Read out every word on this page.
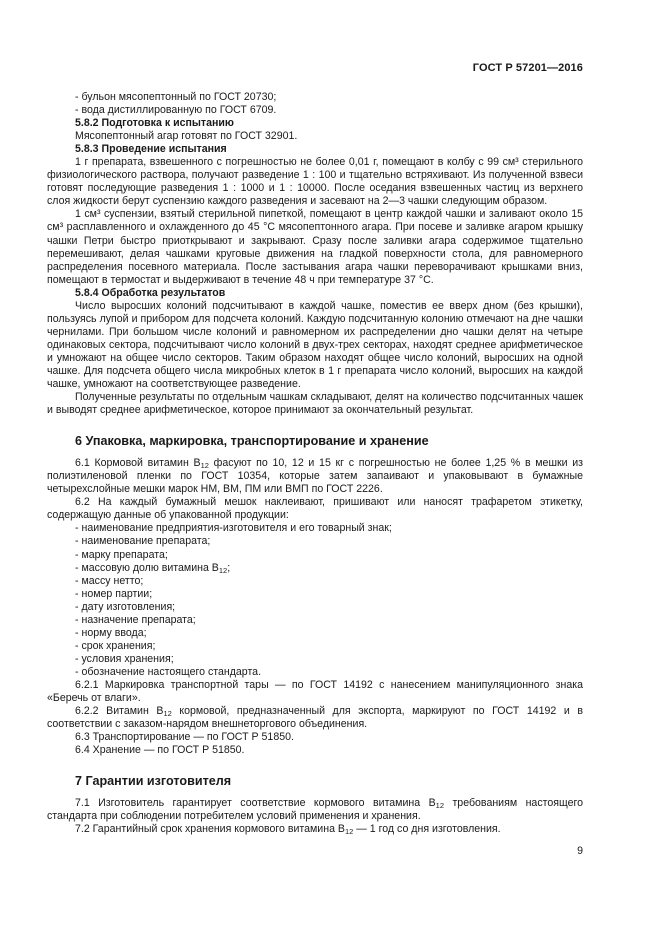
ГОСТ Р 57201—2016

- бульон мясопептонный по ГОСТ 20730;

- вода дистиллированную по ГОСТ 6709.

5.8.2 Подготовка к испытанию

Мясопептонный агар готовят по ГОСТ 32901.

5.8.3 Проведение испытания

1 г препарата, взвешенного с погрешностью не более 0,01 г, помещают в колбу с 99 см³ стерильного физиологического раствора, получают разведение 1 : 100 и тщательно встряхивают. Из полученной взвеси готовят последующие разведения 1 : 1000 и 1 : 10000. После оседания взвешенных частиц из верхнего слоя жидкости берут суспензию каждого разведения и засевают на 2—3 чашки следующим образом.

1 см³ суспензии, взятый стерильной пипеткой, помещают в центр каждой чашки и заливают около 15 см³ расплавленного и охлажденного до 45 °С мясопептонного агара. При посеве и заливке агаром крышку чашки Петри быстро приоткрывают и закрывают. Сразу после заливки агара содержимое тщательно перемешивают, делая чашками круговые движения на гладкой поверхности стола, для равномерного распределения посевного материала. После застывания агара чашки переворачивают крышками вниз, помещают в термостат и выдерживают в течение 48 ч при температуре 37 °С.

5.8.4 Обработка результатов

Число выросших колоний подсчитывают в каждой чашке, поместив ее вверх дном (без крышки), пользуясь лупой и прибором для подсчета колоний. Каждую подсчитанную колонию отмечают на дне чашки чернилами. При большом числе колоний и равномерном их распределении дно чашки делят на четыре одинаковых сектора, подсчитывают число колоний в двух-трех секторах, находят среднее арифметическое и умножают на общее число секторов. Таким образом находят общее число колоний, выросших на одной чашке. Для подсчета общего числа микробных клеток в 1 г препарата число колоний, выросших на каждой чашке, умножают на соответствующее разведение.

Полученные результаты по отдельным чашкам складывают, делят на количество подсчитанных чашек и выводят среднее арифметическое, которое принимают за окончательный результат.

6 Упаковка, маркировка, транспортирование и хранение

6.1 Кормовой витамин $B_{12}$ фасуют по 10, 12 и 15 кг с погрешностью не более 1,25 % в мешки из полиэтиленовой пленки по ГОСТ 10354, которые затем запаивают и упаковывают в бумажные четырехслойные мешки марок НМ, ВМ, ПМ или ВМП по ГОСТ 2226.

6.2 На каждый бумажный мешок наклеивают, пришивают или наносят трафаретом этикетку, содержащую данные об упакованной продукции:

- наименование предприятия-изготовителя и его товарный знак;
- наименование препарата;
- марку препарата;
- массовую долю витамина $B_{12}$;
- массу нетто;
- номер партии;
- дату изготовления;
- назначение препарата;
- норму ввода;
- срок хранения;
- условия хранения;
- обозначение настоящего стандарта.

6.2.1 Маркировка транспортной тары — по ГОСТ 14192 с нанесением манипуляционного знака «Беречь от влаги».

6.2.2 Витамин $B_{12}$ кормовой, предназначенный для экспорта, маркируют по ГОСТ 14192 и в соответствии с заказом-нарядом внешнеторгового объединения.

6.3 Транспортирование — по ГОСТ Р 51850.

6.4 Хранение — по ГОСТ Р 51850.

7 Гарантии изготовителя

7.1 Изготовитель гарантирует соответствие кормового витамина $B_{12}$ требованиям настоящего стандарта при соблюдении потребителем условий применения и хранения.

7.2 Гарантийный срок хранения кормового витамина $B_{12}$ — 1 год со дня изготовления.

9
